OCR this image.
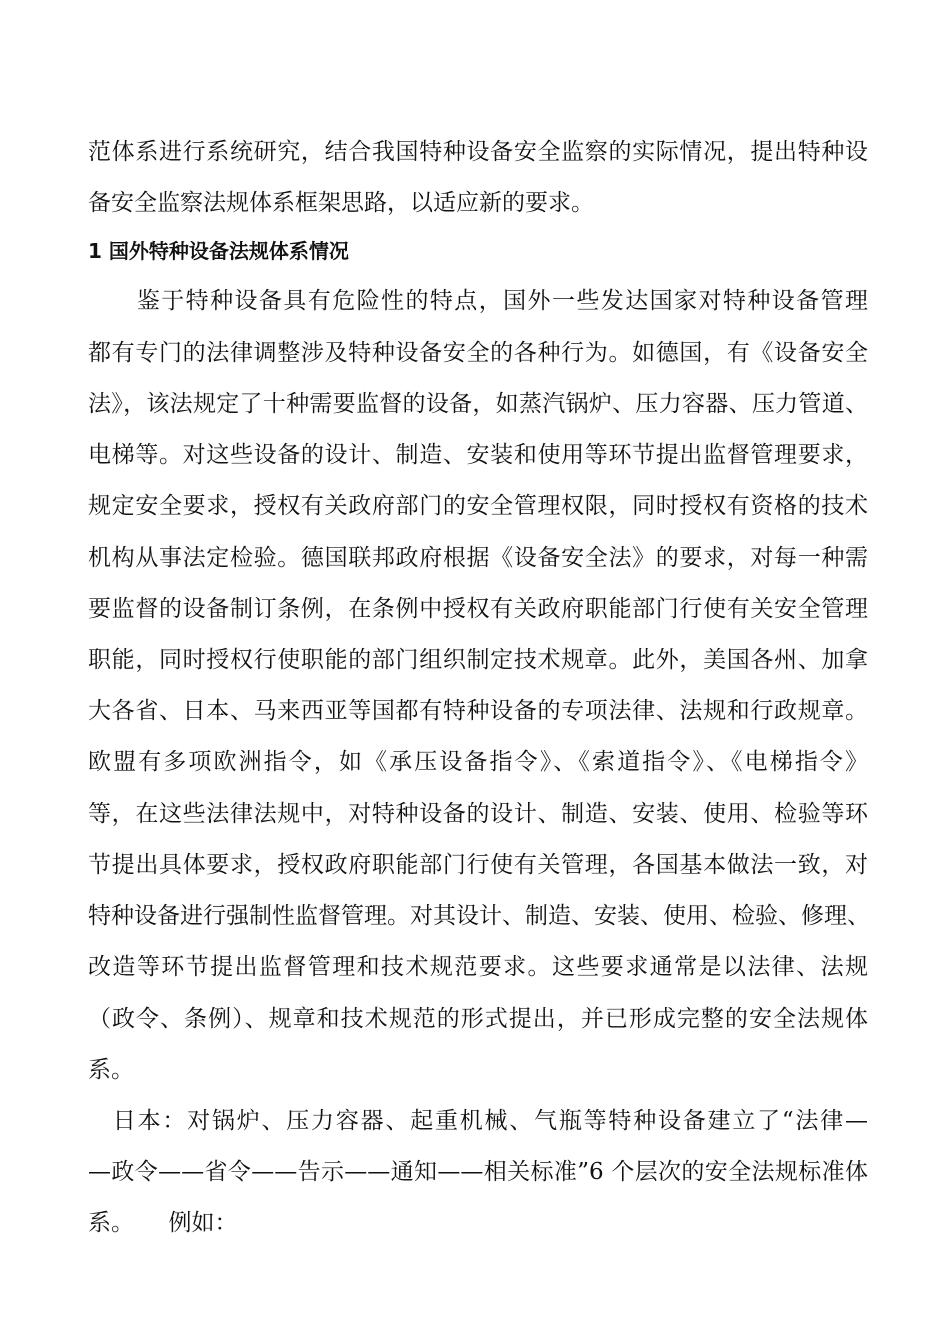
范体系进行系统研究，结合我国特种设备安全监察的实际情况，提出特种设
备安全监察法规体系框架思路，以适应新的要求。
1 国外特种设备法规体系情况
　　鉴于特种设备具有危险性的特点，国外一些发达国家对特种设备管理
都有专门的法律调整涉及特种设备安全的各种行为。如德国，有《设备安全
法》，该法规定了十种需要监督的设备，如蒸汽锅炉、压力容器、压力管道、
电梯等。对这些设备的设计、制造、安装和使用等环节提出监督管理要求，
规定安全要求，授权有关政府部门的安全管理权限，同时授权有资格的技术
机构从事法定检验。德国联邦政府根据《设备安全法》的要求，对每一种需
要监督的设备制订条例，在条例中授权有关政府职能部门行使有关安全管理
职能，同时授权行使职能的部门组织制定技术规章。此外，美国各州、加拿
大各省、日本、马来西亚等国都有特种设备的专项法律、法规和行政规章。
欧盟有多项欧洲指令，如《承压设备指令》、《索道指令》、《电梯指令》
等，在这些法律法规中，对特种设备的设计、制造、安装、使用、检验等环
节提出具体要求，授权政府职能部门行使有关管理，各国基本做法一致，对
特种设备进行强制性监督管理。对其设计、制造、安装、使用、检验、修理、
改造等环节提出监督管理和技术规范要求。这些要求通常是以法律、法规
（政令、条例）、规章和技术规范的形式提出，并已形成完整的安全法规体
系。
　日本：对锅炉、压力容器、起重机械、气瓶等特种设备建立了“法律—
—政令——省令——告示——通知——相关标准”6 个层次的安全法规标准体
系。　　例如：
